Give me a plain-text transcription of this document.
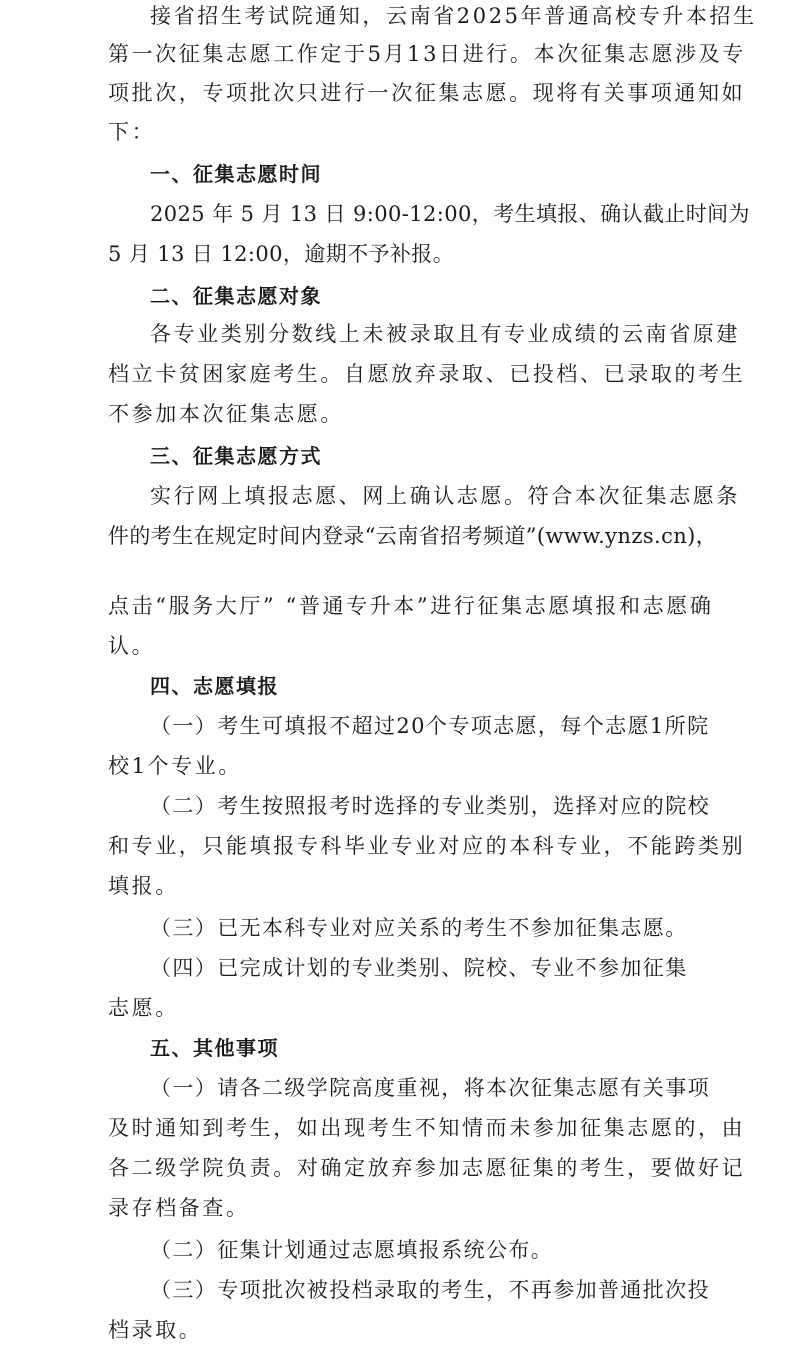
接省招生考试院通知，云南省2025年普通高校专升本招生

第一次征集志愿工作定于5月13日进行。本次征集志愿涉及专

项批次，专项批次只进行一次征集志愿。现将有关事项通知如

下：

一、征集志愿时间

2025 年 5 月 13 日 9:00-12:00，考生填报、确认截止时间为

5 月 13 日 12:00，逾期不予补报。

二、征集志愿对象

各专业类别分数线上未被录取且有专业成绩的云南省原建

档立卡贫困家庭考生。自愿放弃录取、已投档、已录取的考生

不参加本次征集志愿。

三、征集志愿方式

实行网上填报志愿、网上确认志愿。符合本次征集志愿条

件的考生在规定时间内登录“云南省招考频道”(www.ynzs.cn)，

点击“服务大厅” “普通专升本”进行征集志愿填报和志愿确

认。

四、志愿填报

（一）考生可填报不超过20个专项志愿，每个志愿1所院

校1个专业。

（二）考生按照报考时选择的专业类别，选择对应的院校

和专业，只能填报专科毕业专业对应的本科专业，不能跨类别

填报。

（三）已无本科专业对应关系的考生不参加征集志愿。

（四）已完成计划的专业类别、院校、专业不参加征集

志愿。

五、其他事项

（一）请各二级学院高度重视，将本次征集志愿有关事项

及时通知到考生，如出现考生不知情而未参加征集志愿的，由

各二级学院负责。对确定放弃参加志愿征集的考生，要做好记

录存档备查。

（二）征集计划通过志愿填报系统公布。

（三）专项批次被投档录取的考生，不再参加普通批次投

档录取。
